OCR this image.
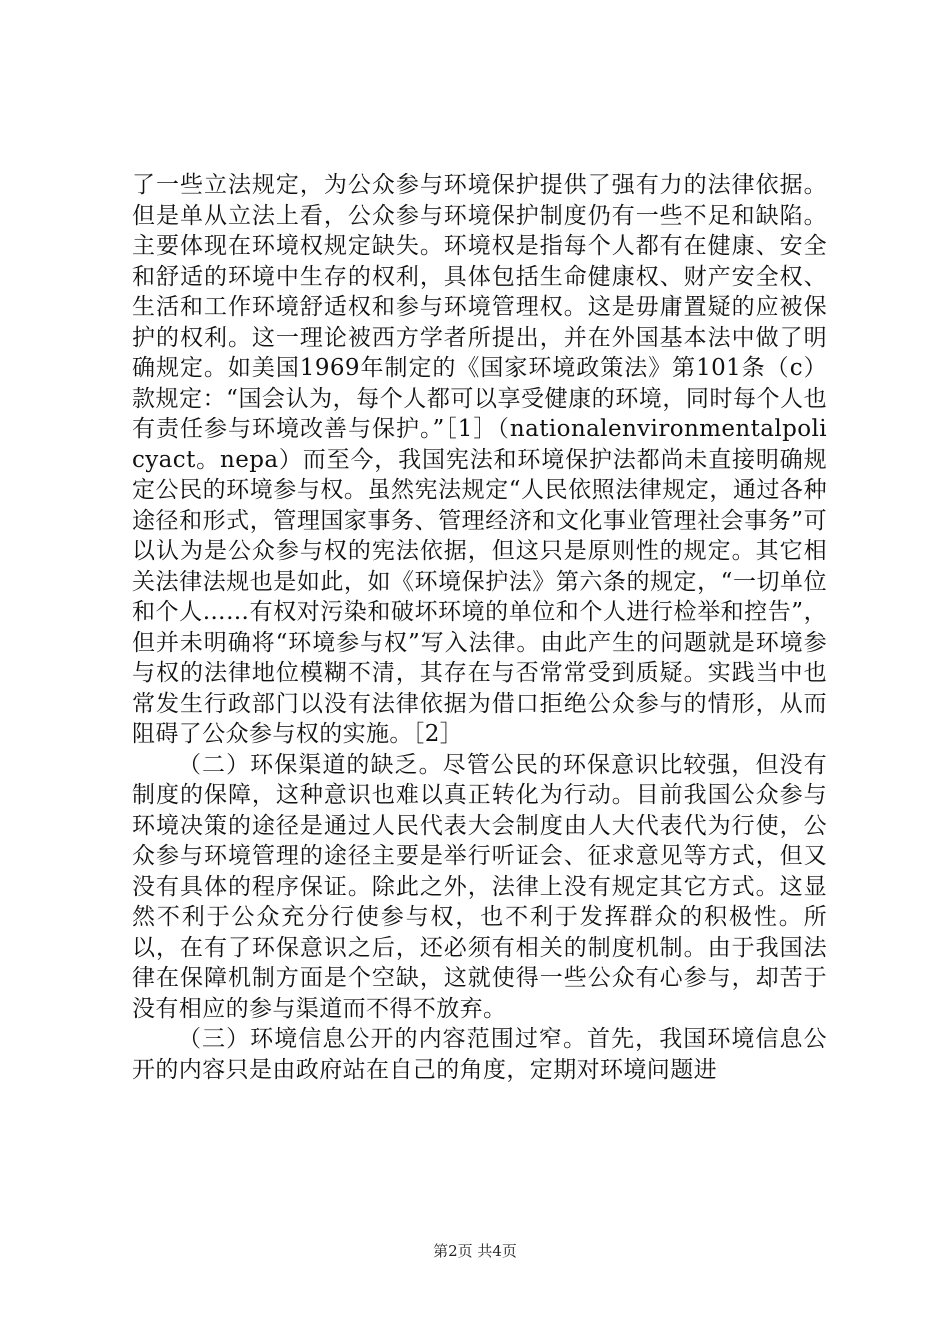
了一些立法规定，为公众参与环境保护提供了强有力的法律依据。但是单从立法上看，公众参与环境保护制度仍有一些不足和缺陷。主要体现在环境权规定缺失。环境权是指每个人都有在健康、安全和舒适的环境中生存的权利，具体包括生命健康权、财产安全权、生活和工作环境舒适权和参与环境管理权。这是毋庸置疑的应被保护的权利。这一理论被西方学者所提出，并在外国基本法中做了明确规定。如美国1969年制定的《国家环境政策法》第101条（c）款规定：“国会认为，每个人都可以享受健康的环境，同时每个人也有责任参与环境改善与保护。”［1］（nationalenvironmentalpolicyact。nepa）而至今，我国宪法和环境保护法都尚未直接明确规定公民的环境参与权。虽然宪法规定“人民依照法律规定，通过各种途径和形式，管理国家事务、管理经济和文化事业管理社会事务”可以认为是公众参与权的宪法依据，但这只是原则性的规定。其它相关法律法规也是如此，如《环境保护法》第六条的规定，“一切单位和个人……有权对污染和破坏环境的单位和个人进行检举和控告”，但并未明确将“环境参与权”写入法律。由此产生的问题就是环境参与权的法律地位模糊不清，其存在与否常常受到质疑。实践当中也常发生行政部门以没有法律依据为借口拒绝公众参与的情形，从而阻碍了公众参与权的实施。［2］

（二）环保渠道的缺乏。尽管公民的环保意识比较强，但没有制度的保障，这种意识也难以真正转化为行动。目前我国公众参与环境决策的途径是通过人民代表大会制度由人大代表代为行使，公众参与环境管理的途径主要是举行听证会、征求意见等方式，但又没有具体的程序保证。除此之外，法律上没有规定其它方式。这显然不利于公众充分行使参与权，也不利于发挥群众的积极性。所以，在有了环保意识之后，还必须有相关的制度机制。由于我国法律在保障机制方面是个空缺，这就使得一些公众有心参与，却苦于没有相应的参与渠道而不得不放弃。

（三）环境信息公开的内容范围过窄。首先，我国环境信息公开的内容只是由政府站在自己的角度，定期对环境问题进

第2页 共4页
